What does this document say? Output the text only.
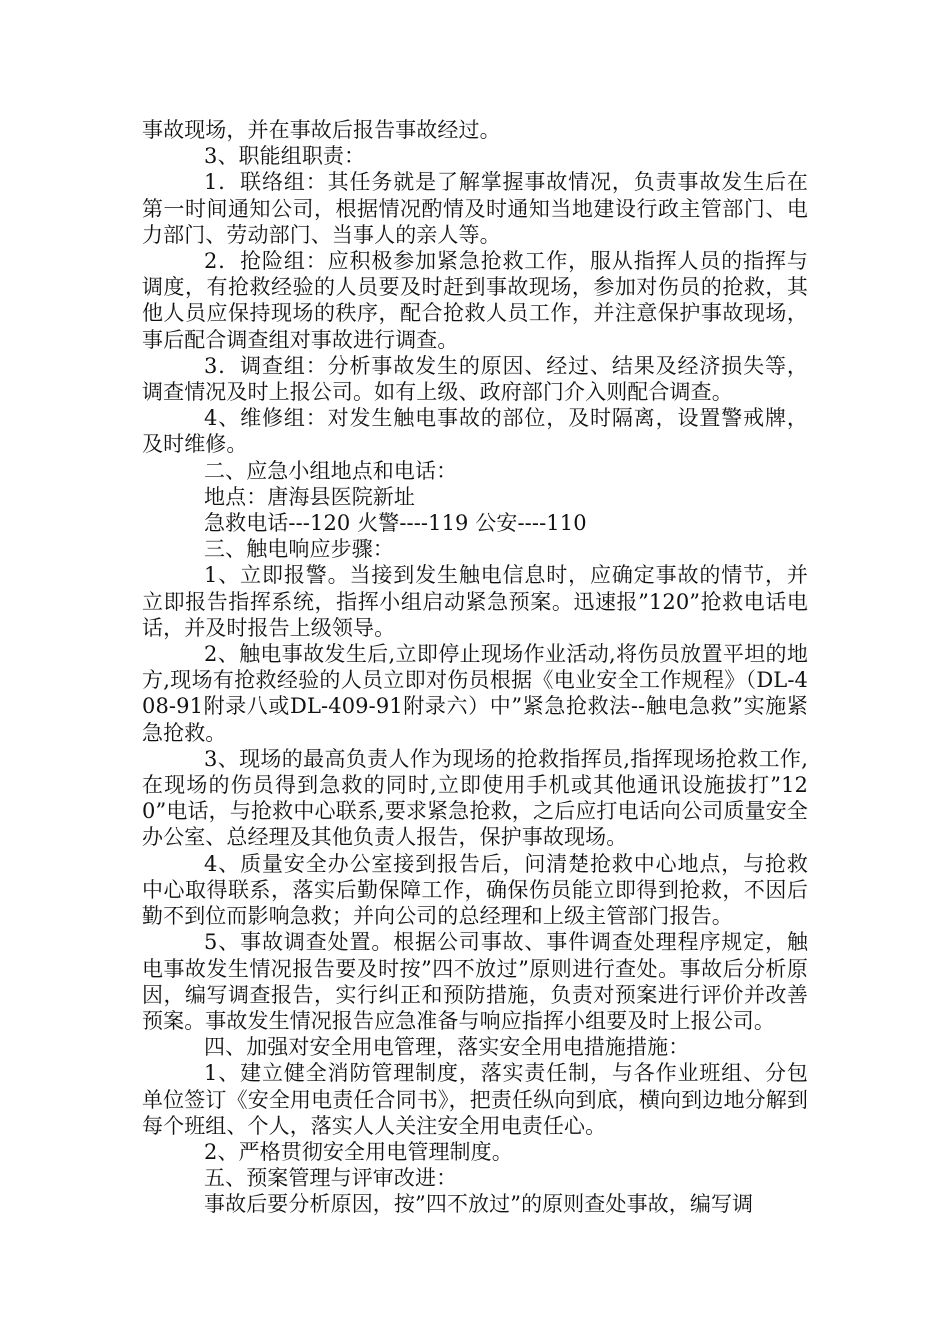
事故现场，并在事故后报告事故经过。

3、职能组职责：

1．联络组：其任务就是了解掌握事故情况，负责事故发生后在第一时间通知公司，根据情况酌情及时通知当地建设行政主管部门、电力部门、劳动部门、当事人的亲人等。

2．抢险组：应积极参加紧急抢救工作，服从指挥人员的指挥与调度，有抢救经验的人员要及时赶到事故现场，参加对伤员的抢救，其他人员应保持现场的秩序，配合抢救人员工作，并注意保护事故现场，事后配合调查组对事故进行调查。

3．调查组：分析事故发生的原因、经过、结果及经济损失等，调查情况及时上报公司。如有上级、政府部门介入则配合调查。

4、维修组：对发生触电事故的部位，及时隔离，设置警戒牌，及时维修。

二、应急小组地点和电话：

地点：唐海县医院新址

急救电话---120 火警----119 公安----110

三、触电响应步骤：

1、立即报警。当接到发生触电信息时，应确定事故的情节，并立即报告指挥系统，指挥小组启动紧急预案。迅速报”120”抢救电话电话，并及时报告上级领导。

2、触电事故发生后,立即停止现场作业活动,将伤员放置平坦的地方,现场有抢救经验的人员立即对伤员根据《电业安全工作规程》（DL-408-91附录八或DL-409-91附录六）中”紧急抢救法--触电急救”实施紧急抢救。

3、现场的最高负责人作为现场的抢救指挥员,指挥现场抢救工作,在现场的伤员得到急救的同时,立即使用手机或其他通讯设施拔打”120”电话，与抢救中心联系,要求紧急抢救，之后应打电话向公司质量安全办公室、总经理及其他负责人报告，保护事故现场。

4、质量安全办公室接到报告后，问清楚抢救中心地点，与抢救中心取得联系，落实后勤保障工作，确保伤员能立即得到抢救，不因后勤不到位而影响急救；并向公司的总经理和上级主管部门报告。

5、事故调查处置。根据公司事故、事件调查处理程序规定，触电事故发生情况报告要及时按”四不放过”原则进行查处。事故后分析原因，编写调查报告，实行纠正和预防措施，负责对预案进行评价并改善预案。事故发生情况报告应急准备与响应指挥小组要及时上报公司。

四、加强对安全用电管理，落实安全用电措施措施：

1、建立健全消防管理制度，落实责任制，与各作业班组、分包单位签订《安全用电责任合同书》，把责任纵向到底，横向到边地分解到每个班组、个人，落实人人关注安全用电责任心。

2、严格贯彻安全用电管理制度。

五、预案管理与评审改进：

事故后要分析原因，按”四不放过”的原则查处事故，编写调
